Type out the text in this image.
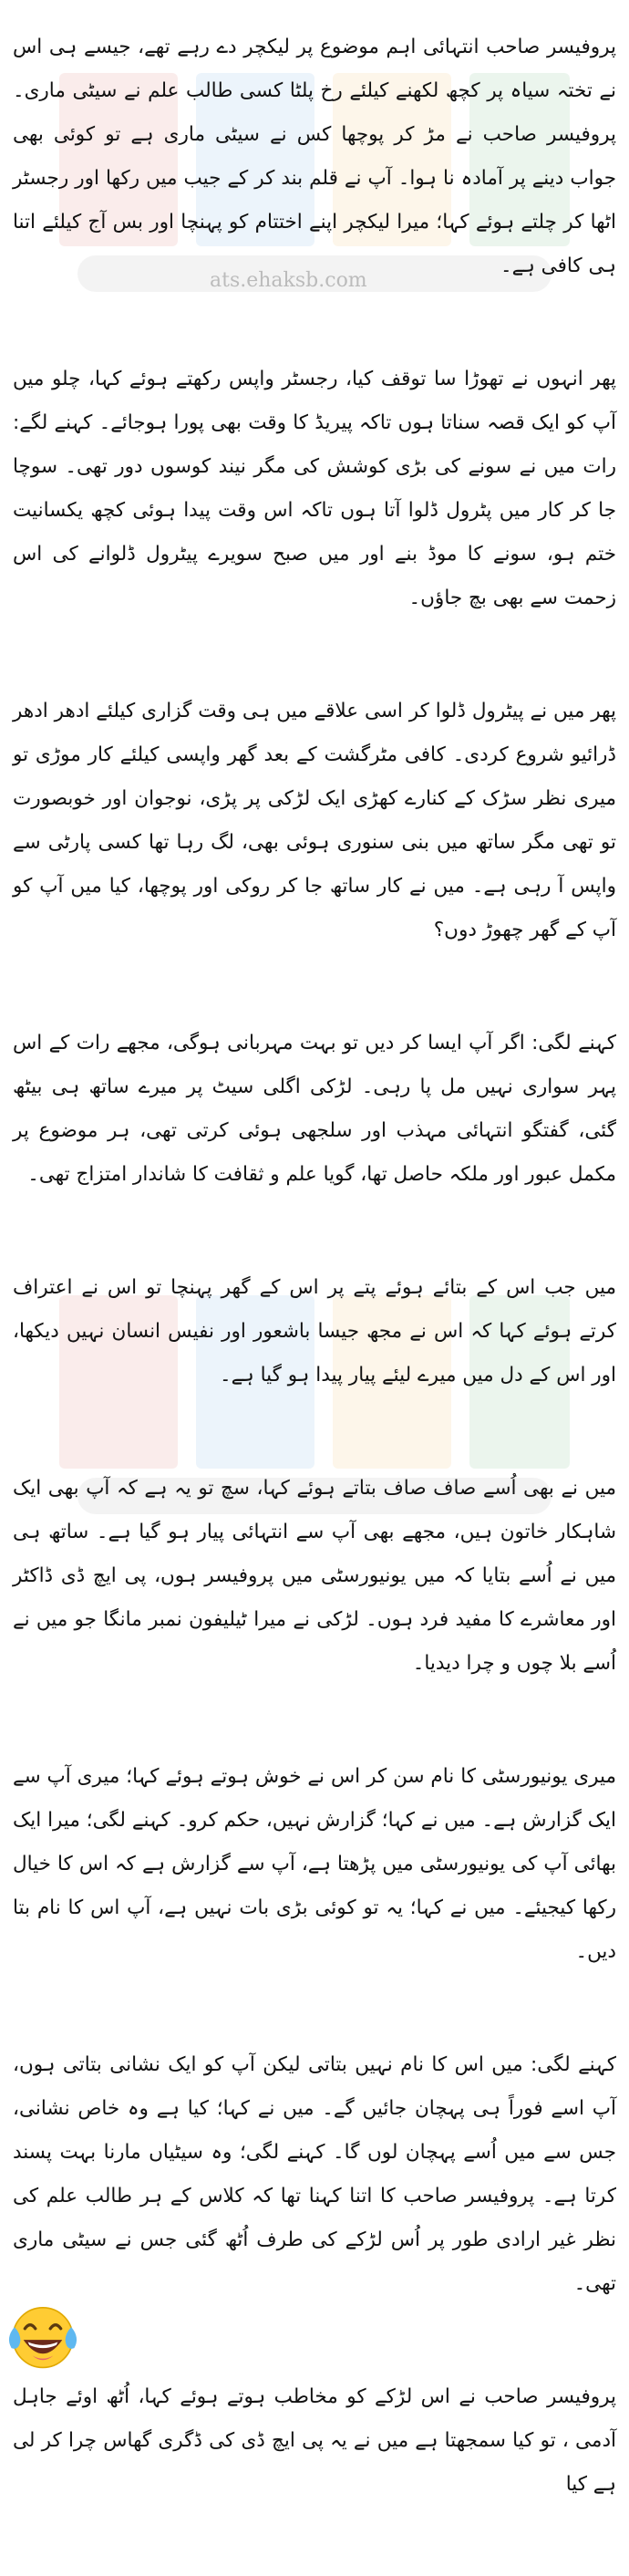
ats.ehaksb.com

پروفیسر صاحب انتہائی اہم موضوع پر لیکچر دے رہے تھے، جیسے ہی اس نے تختہ سیاہ پر کچھ لکھنے کیلئے رخ پلٹا کسی طالب علم نے سیٹی ماری۔ پروفیسر صاحب نے مڑ کر پوچھا کس نے سیٹی ماری ہے تو کوئی بھی جواب دینے پر آمادہ نا ہوا۔ آپ نے قلم بند کر کے جیب میں رکھا اور رجسٹر اٹھا کر چلتے ہوئے کہا؛ میرا لیکچر اپنے اختتام کو پہنچا اور بس آج کیلئے اتنا ہی کافی ہے۔

پھر انہوں نے تھوڑا سا توقف کیا، رجسٹر واپس رکھتے ہوئے کہا، چلو میں آپ کو ایک قصہ سناتا ہوں تاکہ پیریڈ کا وقت بھی پورا ہوجائے۔ کہنے لگے: رات میں نے سونے کی بڑی کوشش کی مگر نیند کوسوں دور تھی۔ سوچا جا کر کار میں پٹرول ڈلوا آتا ہوں تاکہ اس وقت پیدا ہوئی کچھ یکسانیت ختم ہو، سونے کا موڈ بنے اور میں صبح سویرے پیٹرول ڈلوانے کی اس زحمت سے بھی بچ جاؤں۔

پھر میں نے پیٹرول ڈلوا کر اسی علاقے میں ہی وقت گزاری کیلئے ادھر ادھر ڈرائیو شروع کردی۔ کافی مٹرگشت کے بعد گھر واپسی کیلئے کار موڑی تو میری نظر سڑک کے کنارے کھڑی ایک لڑکی پر پڑی، نوجوان اور خوبصورت تو تھی مگر ساتھ میں بنی سنوری ہوئی بھی، لگ رہا تھا کسی پارٹی سے واپس آ رہی ہے۔ میں نے کار ساتھ جا کر روکی اور پوچھا، کیا میں آپ کو آپ کے گھر چھوڑ دوں؟

کہنے لگی: اگر آپ ایسا کر دیں تو بہت مہربانی ہوگی، مجھے رات کے اس پہر سواری نہیں مل پا رہی۔ لڑکی اگلی سیٹ پر میرے ساتھ ہی بیٹھ گئی، گفتگو انتہائی مہذب اور سلجھی ہوئی کرتی تھی، ہر موضوع پر مکمل عبور اور ملکہ حاصل تھا، گویا علم و ثقافت کا شاندار امتزاج تھی۔

میں جب اس کے بتائے ہوئے پتے پر اس کے گھر پہنچا تو اس نے اعتراف کرتے ہوئے کہا کہ اس نے مجھ جیسا باشعور اور نفیس انسان نہیں دیکھا، اور اس کے دل میں میرے لیئے پیار پیدا ہو گیا ہے۔

میں نے بھی اُسے صاف صاف بتاتے ہوئے کہا، سچ تو یہ ہے کہ آپ بھی ایک شاہکار خاتون ہیں، مجھے بھی آپ سے انتہائی پیار ہو گیا ہے۔ ساتھ ہی میں نے اُسے بتایا کہ میں یونیورسٹی میں پروفیسر ہوں، پی ایچ ڈی ڈاکٹر اور معاشرے کا مفید فرد ہوں۔ لڑکی نے میرا ٹیلیفون نمبر مانگا جو میں نے اُسے بلا چوں و چرا دیدیا۔

میری یونیورسٹی کا نام سن کر اس نے خوش ہوتے ہوئے کہا؛ میری آپ سے ایک گزارش ہے۔ میں نے کہا؛ گزارش نہیں، حکم کرو۔ کہنے لگی؛ میرا ایک بھائی آپ کی یونیورسٹی میں پڑھتا ہے، آپ سے گزارش ہے کہ اس کا خیال رکھا کیجیئے۔ میں نے کہا؛ یہ تو کوئی بڑی بات نہیں ہے، آپ اس کا نام بتا دیں۔

کہنے لگی: میں اس کا نام نہیں بتاتی لیکن آپ کو ایک نشانی بتاتی ہوں، آپ اسے فوراً ہی پہچان جائیں گے۔ میں نے کہا؛ کیا ہے وہ خاص نشانی، جس سے میں اُسے پہچان لوں گا۔ کہنے لگی؛ وہ سیٹیاں مارنا بہت پسند کرتا ہے۔ پروفیسر صاحب کا اتنا کہنا تھا کہ کلاس کے ہر طالب علم کی نظر غیر ارادی طور پر اُس لڑکے کی طرف اُٹھ گئی جس نے سیٹی ماری تھی۔

پروفیسر صاحب نے اس لڑکے کو مخاطب ہوتے ہوئے کہا، اُٹھ اوئے جاہل آدمی ، تو کیا سمجھتا ہے میں نے یہ پی ایچ ڈی کی ڈگری گھاس چرا کر لی ہے کیا
